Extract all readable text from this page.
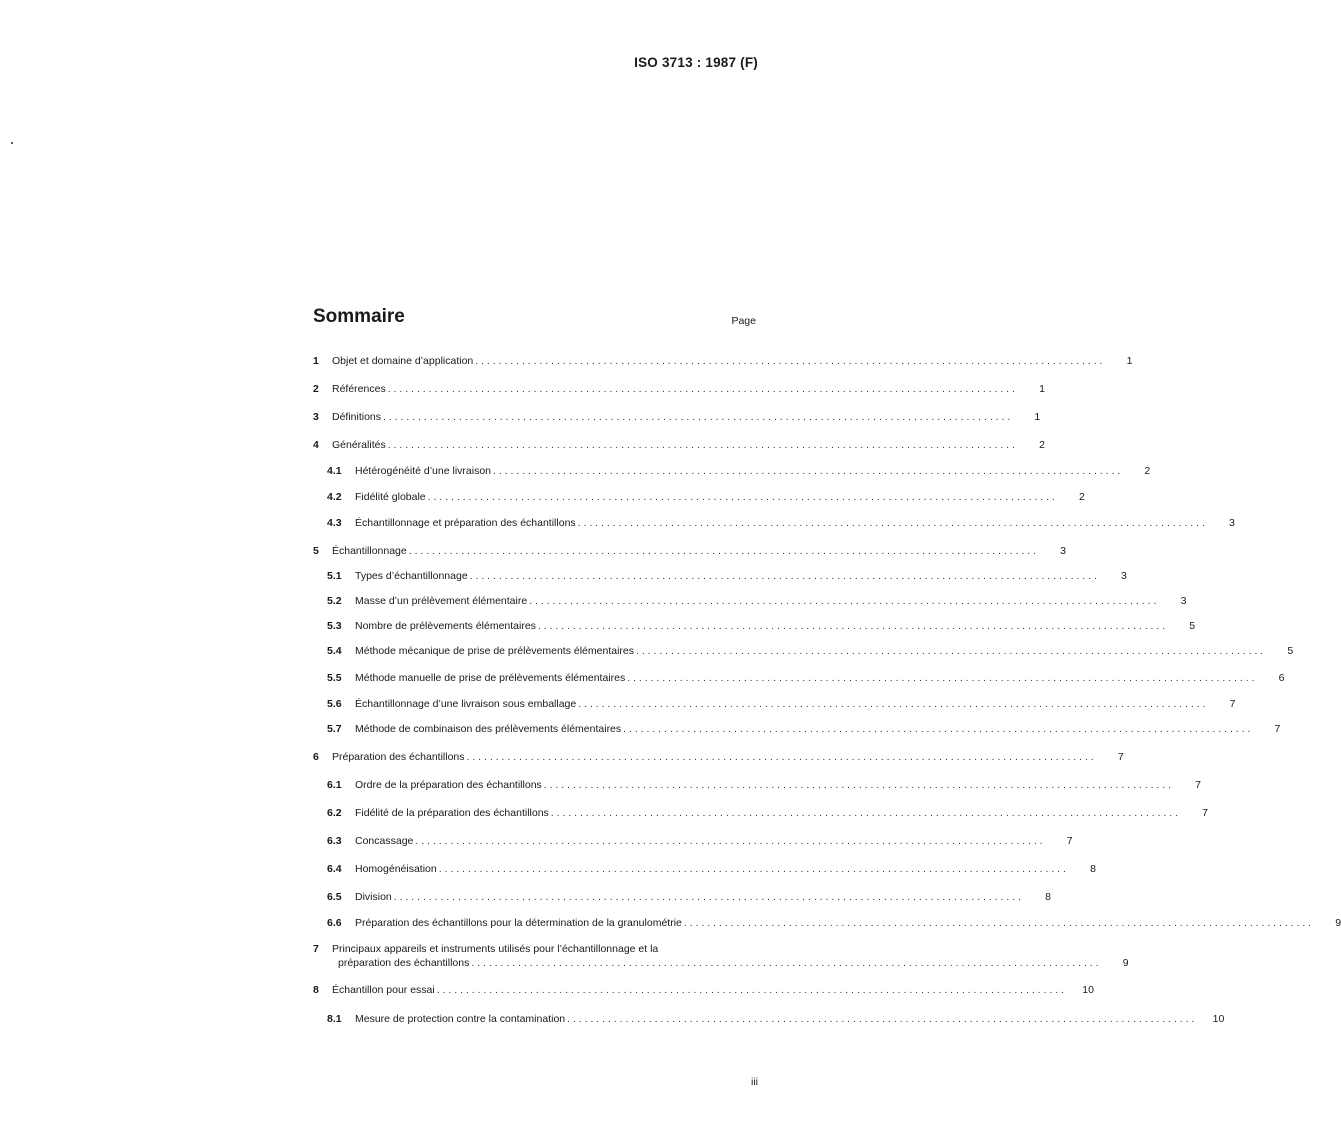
ISO 3713 : 1987 (F)
Sommaire	Page
1	Objet et domaine d’application . . .	1
2	Références . . .	1
3	Définitions . . .	1
4	Généralités . . .	2
4.1	Hétérogénéité d’une livraison . . .	2
4.2	Fidélité globale . . .	2
4.3	Échantillonnage et préparation des échantillons . . .	3
5	Échantillonnage . . .	3
5.1	Types d’échantillonnage . . .	3
5.2	Masse d’un prélèvement élémentaire . . .	3
5.3	Nombre de prélèvements élémentaires . . .	5
5.4	Méthode mécanique de prise de prélèvements élémentaires . . .	5
5.5	Méthode manuelle de prise de prélèvements élémentaires . . .	6
5.6	Échantillonnage d’une livraison sous emballage . . .	7
5.7	Méthode de combinaison des prélèvements élémentaires . . .	7
6	Préparation des échantillons . . .	7
6.1	Ordre de la préparation des échantillons . . .	7
6.2	Fidélité de la préparation des échantillons . . .	7
6.3	Concassage . . .	7
6.4	Homogénéisation . . .	8
6.5	Division . . .	8
6.6	Préparation des échantillons pour la détermination de la granulométrie . . .	9
7	Principaux appareils et instruments utilisés pour l’échantillonnage et la
préparation des échantillons . . .	9
8	Échantillon pour essai . . .	10
8.1	Mesure de protection contre la contamination . . .	10
iii
